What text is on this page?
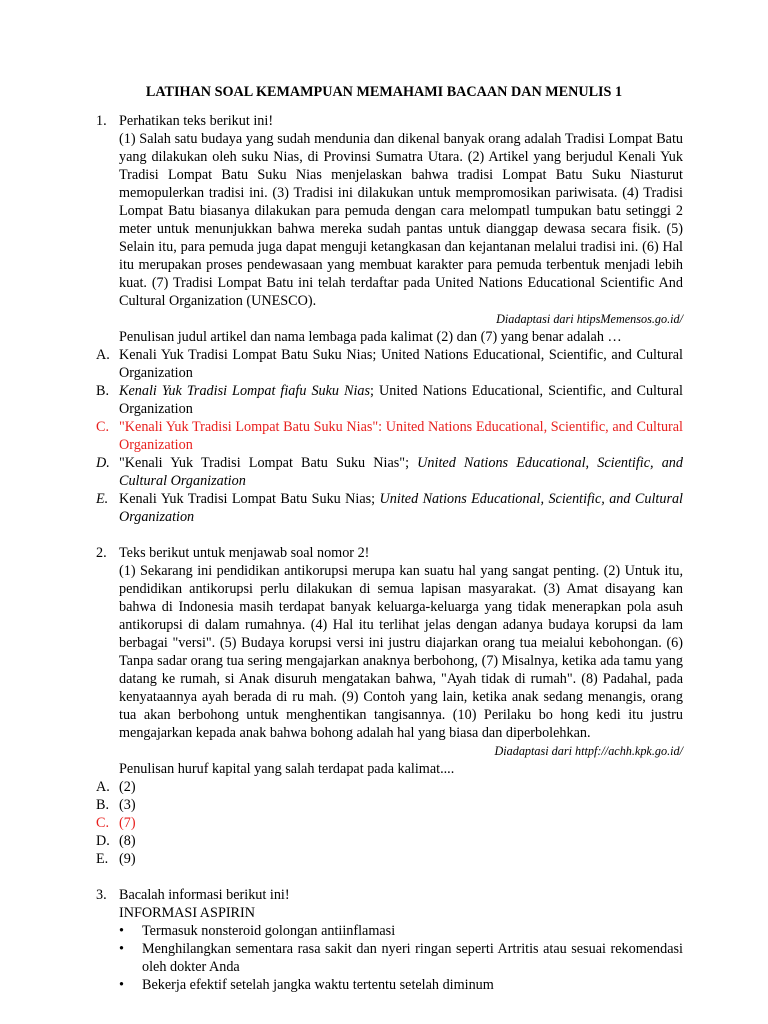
LATIHAN SOAL KEMAMPUAN MEMAHAMI BACAAN DAN MENULIS 1
1. Perhatikan teks berikut ini!
(1) Salah satu budaya yang sudah mendunia dan dikenal banyak orang adalah Tradisi Lompat Batu yang dilakukan oleh suku Nias, di Provinsi Sumatra Utara. (2) Artikel yang berjudul Kenali Yuk Tradisi Lompat Batu Suku Nias menjelaskan bahwa tradisi Lompat Batu Suku Niasturut memopulerkan tradisi ini. (3) Tradisi ini dilakukan untuk mempromosikan pariwisata. (4) Tradisi Lompat Batu biasanya dilakukan para pemuda dengan cara melompatl tumpukan batu setinggi 2 meter untuk menunjukkan bahwa mereka sudah pantas untuk dianggap dewasa secara fisik. (5) Selain itu, para pemuda juga dapat menguji ketangkasan dan kejantanan melalui tradisi ini. (6) Hal itu merupakan proses pendewasaan yang membuat karakter para pemuda terbentuk menjadi lebih kuat. (7) Tradisi Lompat Batu ini telah terdaftar pada United Nations Educational Scientific And Cultural Organization (UNESCO).
Diadaptasi dari htipsMemensos.go.id/
Penulisan judul artikel dan nama lembaga pada kalimat (2) dan (7) yang benar adalah …
A. Kenali Yuk Tradisi Lompat Batu Suku Nias; United Nations Educational, Scientific, and Cultural Organization
B. Kenali Yuk Tradisi Lompat fiafu Suku Nias; United Nations Educational, Scientific, and Cultural Organization
C. "Kenali Yuk Tradisi Lompat Batu Suku Nias": United Nations Educational, Scientific, and Cultural Organization
D. "Kenali Yuk Tradisi Lompat Batu Suku Nias"; United Nations Educational, Scientific, and Cultural Organization
E. Kenali Yuk Tradisi Lompat Batu Suku Nias; United Nations Educational, Scientific, and Cultural Organization
2. Teks berikut untuk menjawab soal nomor 2!
(1) Sekarang ini pendidikan antikorupsi merupa kan suatu hal yang sangat penting. (2) Untuk itu, pendidikan antikorupsi perlu dilakukan di semua lapisan masyarakat. (3) Amat disayang kan bahwa di Indonesia masih terdapat banyak keluarga-keluarga yang tidak menerapkan pola asuh antikorupsi di dalam rumahnya. (4) Hal itu terlihat jelas dengan adanya budaya korupsi da lam berbagai "versi". (5) Budaya korupsi versi ini justru diajarkan orang tua meialui kebohongan. (6) Tanpa sadar orang tua sering mengajarkan anaknya berbohong, (7) Misalnya, ketika ada tamu yang datang ke rumah, si Anak disuruh mengatakan bahwa, "Ayah tidak di rumah". (8) Padahal, pada kenyataannya ayah berada di ru mah. (9) Contoh yang lain, ketika anak sedang menangis, orang tua akan berbohong untuk menghentikan tangisannya. (10) Perilaku bo hong kedi itu justru mengajarkan kepada anak bahwa bohong adalah hal yang biasa dan diperbolehkan.
Diadaptasi dari httpf://achh.kpk.go.id/
Penulisan huruf kapital yang salah terdapat pada kalimat....
A. (2)
B. (3)
C. (7)
D. (8)
E. (9)
3. Bacalah informasi berikut ini!
INFORMASI ASPIRIN
• Termasuk nonsteroid golongan antiinflamasi
• Menghilangkan sementara rasa sakit dan nyeri ringan seperti Artritis atau sesuai rekomendasi oleh dokter Anda
• Bekerja efektif setelah jangka waktu tertentu setelah diminum
